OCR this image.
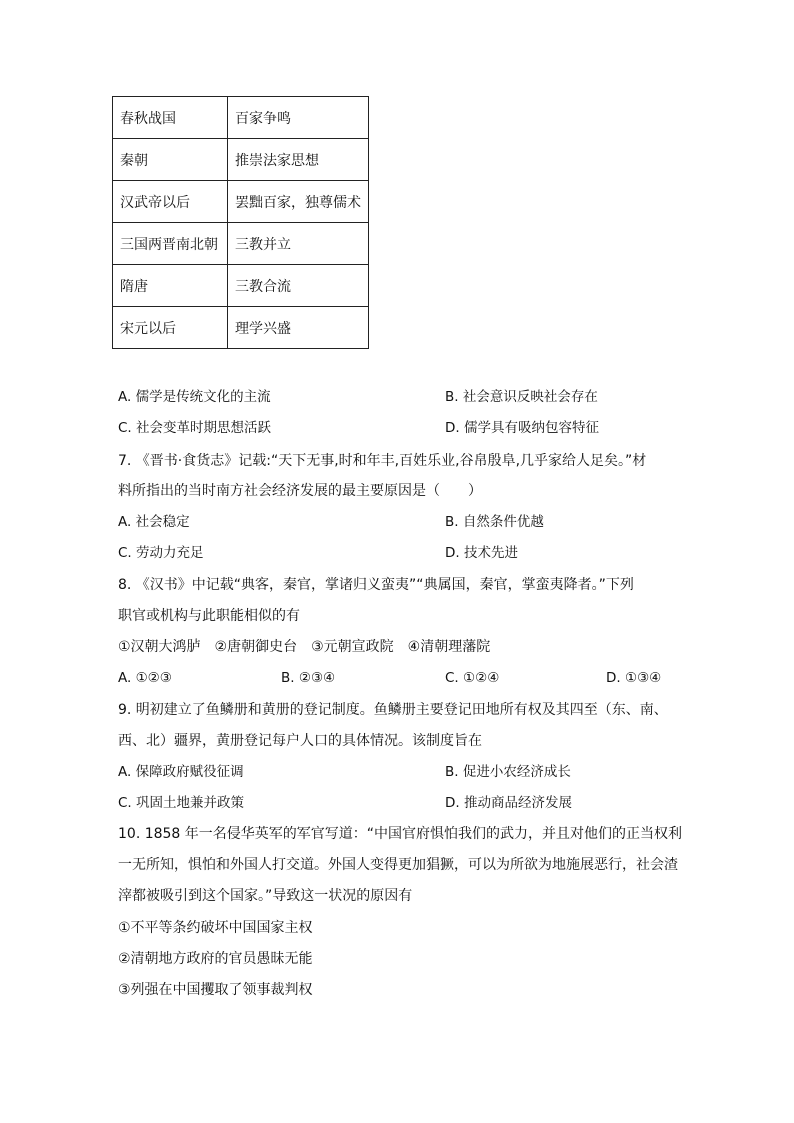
春秋战国	百家争鸣
秦朝	推崇法家思想
汉武帝以后	罢黜百家，独尊儒术
三国两晋南北朝	三教并立
隋唐	三教合流
宋元以后	理学兴盛
A. 儒学是传统文化的主流	B. 社会意识反映社会存在
C. 社会变革时期思想活跃	D. 儒学具有吸纳包容特征
7. 《晋书·食货志》记载:“天下无事,时和年丰,百姓乐业,谷帛殷阜,几乎家给人足矣。”材
料所指出的当时南方社会经济发展的最主要原因是（　　）
A. 社会稳定	B. 自然条件优越
C. 劳动力充足	D. 技术先进
8. 《汉书》中记载“典客，秦官，掌诸归义蛮夷”“典属国，秦官，掌蛮夷降者。”下列
职官或机构与此职能相似的有
①汉朝大鸿胪　②唐朝御史台　③元朝宣政院　④清朝理藩院
A. ①②③	B. ②③④	C. ①②④	D. ①③④
9. 明初建立了鱼鳞册和黄册的登记制度。鱼鳞册主要登记田地所有权及其四至（东、南、
西、北）疆界，黄册登记每户人口的具体情况。该制度旨在
A. 保障政府赋役征调	B. 促进小农经济成长
C. 巩固土地兼并政策	D. 推动商品经济发展
10. 1858 年一名侵华英军的军官写道：“中国官府惧怕我们的武力，并且对他们的正当权利
一无所知，惧怕和外国人打交道。外国人变得更加猖獗，可以为所欲为地施展恶行，社会渣
滓都被吸引到这个国家。”导致这一状况的原因有
①不平等条约破坏中国国家主权
②清朝地方政府的官员愚昧无能
③列强在中国攫取了领事裁判权
